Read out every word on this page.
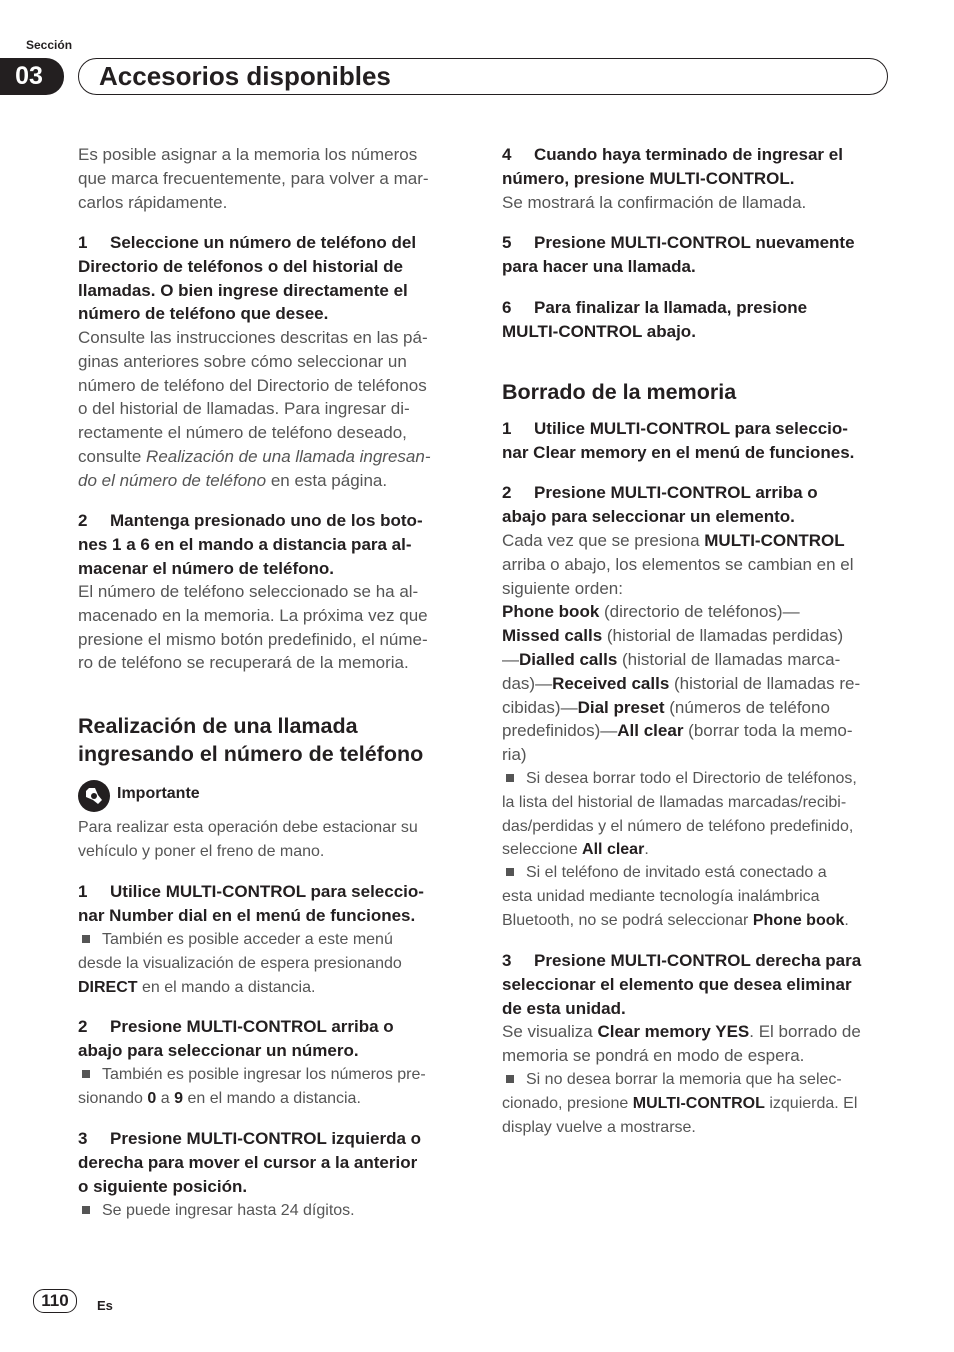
Sección
03	Accesorios disponibles
Es posible asignar a la memoria los números
que marca frecuentemente, para volver a mar-
carlos rápidamente.
1 Seleccione un número de teléfono del
Directorio de teléfonos o del historial de
llamadas. O bien ingrese directamente el
número de teléfono que desee.
Consulte las instrucciones descritas en las pá-
ginas anteriores sobre cómo seleccionar un
número de teléfono del Directorio de teléfonos
o del historial de llamadas. Para ingresar di-
rectamente el número de teléfono deseado,
consulte Realización de una llamada ingresan-
do el número de teléfono en esta página.
2 Mantenga presionado uno de los boto-
nes 1 a 6 en el mando a distancia para al-
macenar el número de teléfono.
El número de teléfono seleccionado se ha al-
macenado en la memoria. La próxima vez que
presione el mismo botón predefinido, el núme-
ro de teléfono se recuperará de la memoria.
Realización de una llamada
ingresando el número de teléfono
Importante
Para realizar esta operación debe estacionar su
vehículo y poner el freno de mano.
1 Utilice MULTI-CONTROL para seleccio-
nar Number dial en el menú de funciones.
También es posible acceder a este menú
desde la visualización de espera presionando
DIRECT en el mando a distancia.
2 Presione MULTI-CONTROL arriba o
abajo para seleccionar un número.
También es posible ingresar los números pre-
sionando 0 a 9 en el mando a distancia.
3 Presione MULTI-CONTROL izquierda o
derecha para mover el cursor a la anterior
o siguiente posición.
Se puede ingresar hasta 24 dígitos.
4 Cuando haya terminado de ingresar el
número, presione MULTI-CONTROL.
Se mostrará la confirmación de llamada.
5 Presione MULTI-CONTROL nuevamente
para hacer una llamada.
6 Para finalizar la llamada, presione
MULTI-CONTROL abajo.
Borrado de la memoria
1 Utilice MULTI-CONTROL para seleccio-
nar Clear memory en el menú de funciones.
2 Presione MULTI-CONTROL arriba o
abajo para seleccionar un elemento.
Cada vez que se presiona MULTI-CONTROL
arriba o abajo, los elementos se cambian en el
siguiente orden:
Phone book (directorio de teléfonos)—
Missed calls (historial de llamadas perdidas)
—Dialled calls (historial de llamadas marca-
das)—Received calls (historial de llamadas re-
cibidas)—Dial preset (números de teléfono
predefinidos)—All clear (borrar toda la memo-
ria)
Si desea borrar todo el Directorio de teléfonos,
la lista del historial de llamadas marcadas/recibi-
das/perdidas y el número de teléfono predefinido,
seleccione All clear.
Si el teléfono de invitado está conectado a
esta unidad mediante tecnología inalámbrica
Bluetooth, no se podrá seleccionar Phone book.
3 Presione MULTI-CONTROL derecha para
seleccionar el elemento que desea eliminar
de esta unidad.
Se visualiza Clear memory YES. El borrado de
memoria se pondrá en modo de espera.
Si no desea borrar la memoria que ha selec-
cionado, presione MULTI-CONTROL izquierda. El
display vuelve a mostrarse.
110	Es
